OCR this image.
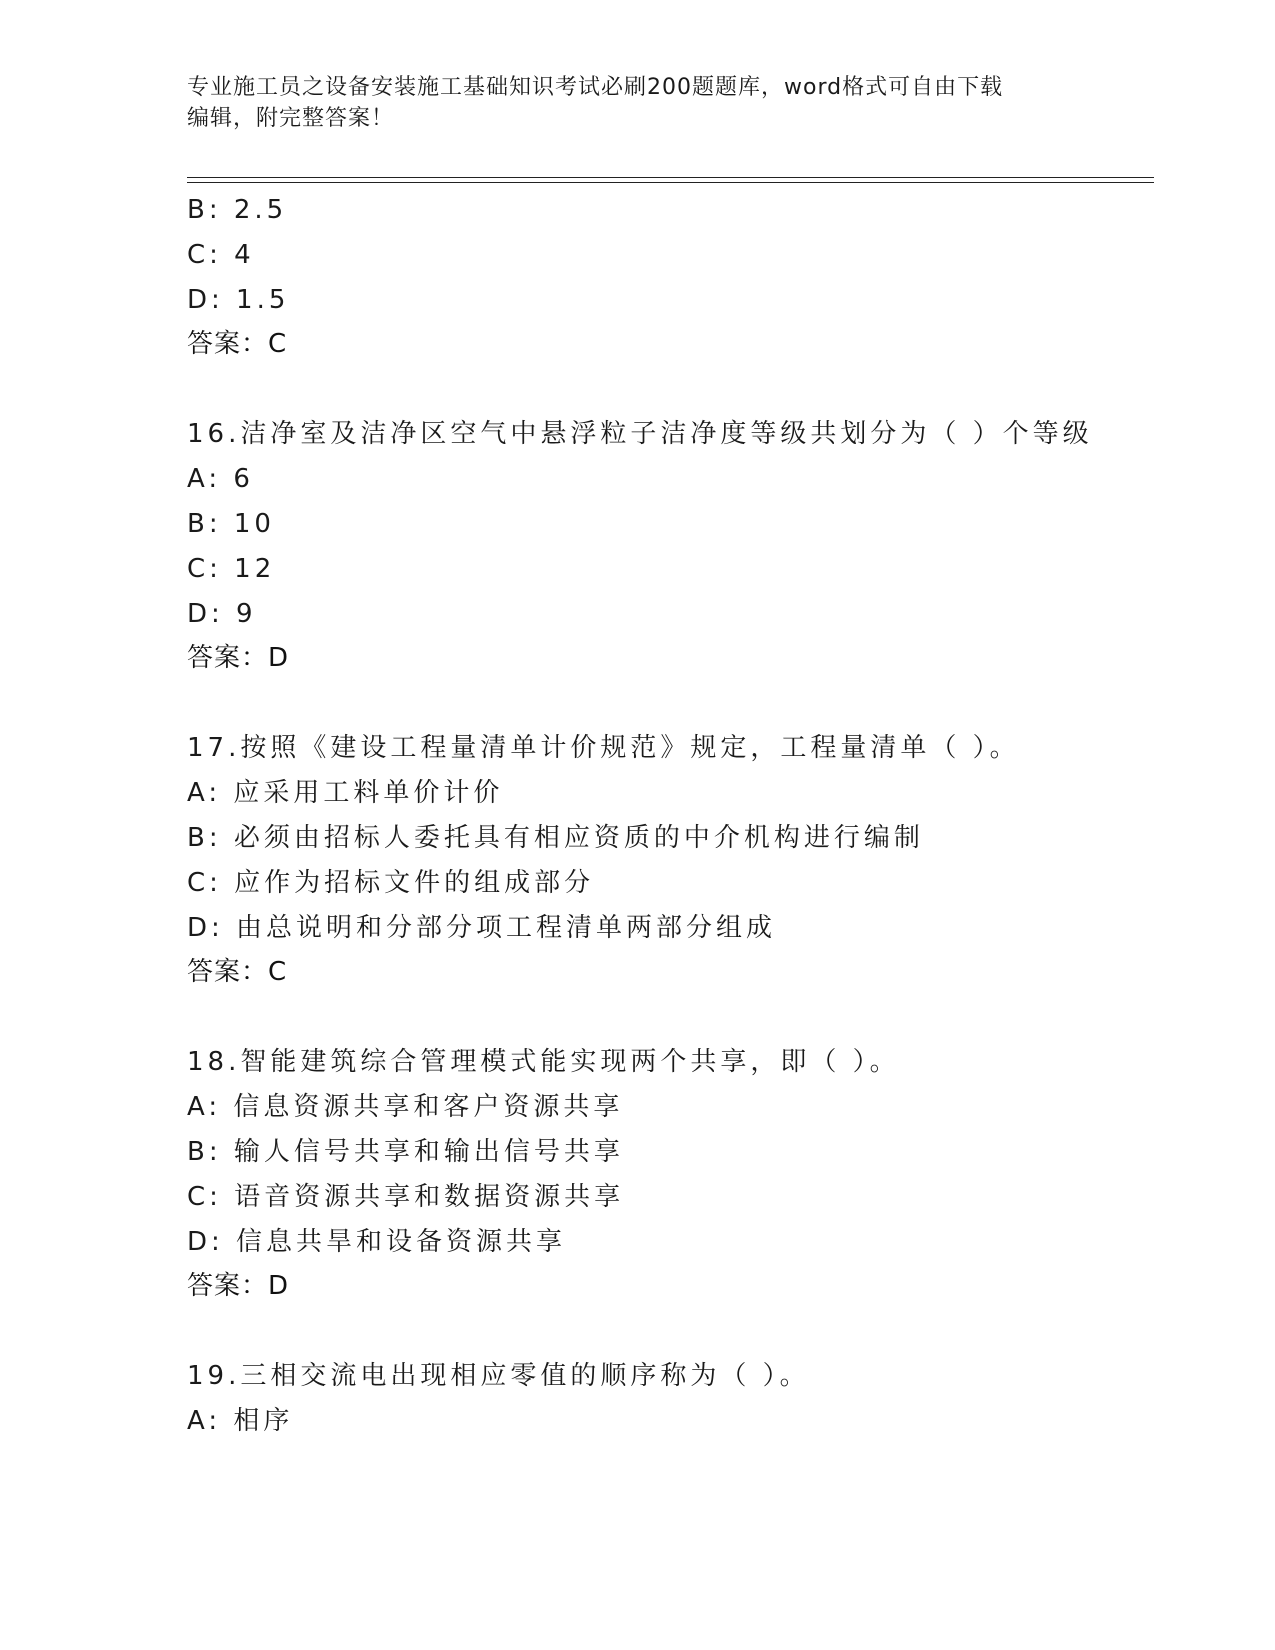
专业施工员之设备安装施工基础知识考试必刷200题题库，word格式可自由下载
编辑，附完整答案！
B: 2.5
C: 4
D: 1.5
答案：C
16.洁净室及洁净区空气中悬浮粒子洁净度等级共划分为（ ）个等级
A: 6
B: 10
C: 12
D: 9
答案：D
17.按照《建设工程量清单计价规范》规定，工程量清单（ ）。
A: 应采用工料单价计价
B: 必须由招标人委托具有相应资质的中介机构进行编制
C: 应作为招标文件的组成部分
D: 由总说明和分部分项工程清单两部分组成
答案：C
18.智能建筑综合管理模式能实现两个共享，即（ ）。
A: 信息资源共享和客户资源共享
B: 输人信号共享和输出信号共享
C: 语音资源共享和数据资源共享
D: 信息共旱和设备资源共享
答案：D
19.三相交流电出现相应零值的顺序称为（ ）。
A: 相序
